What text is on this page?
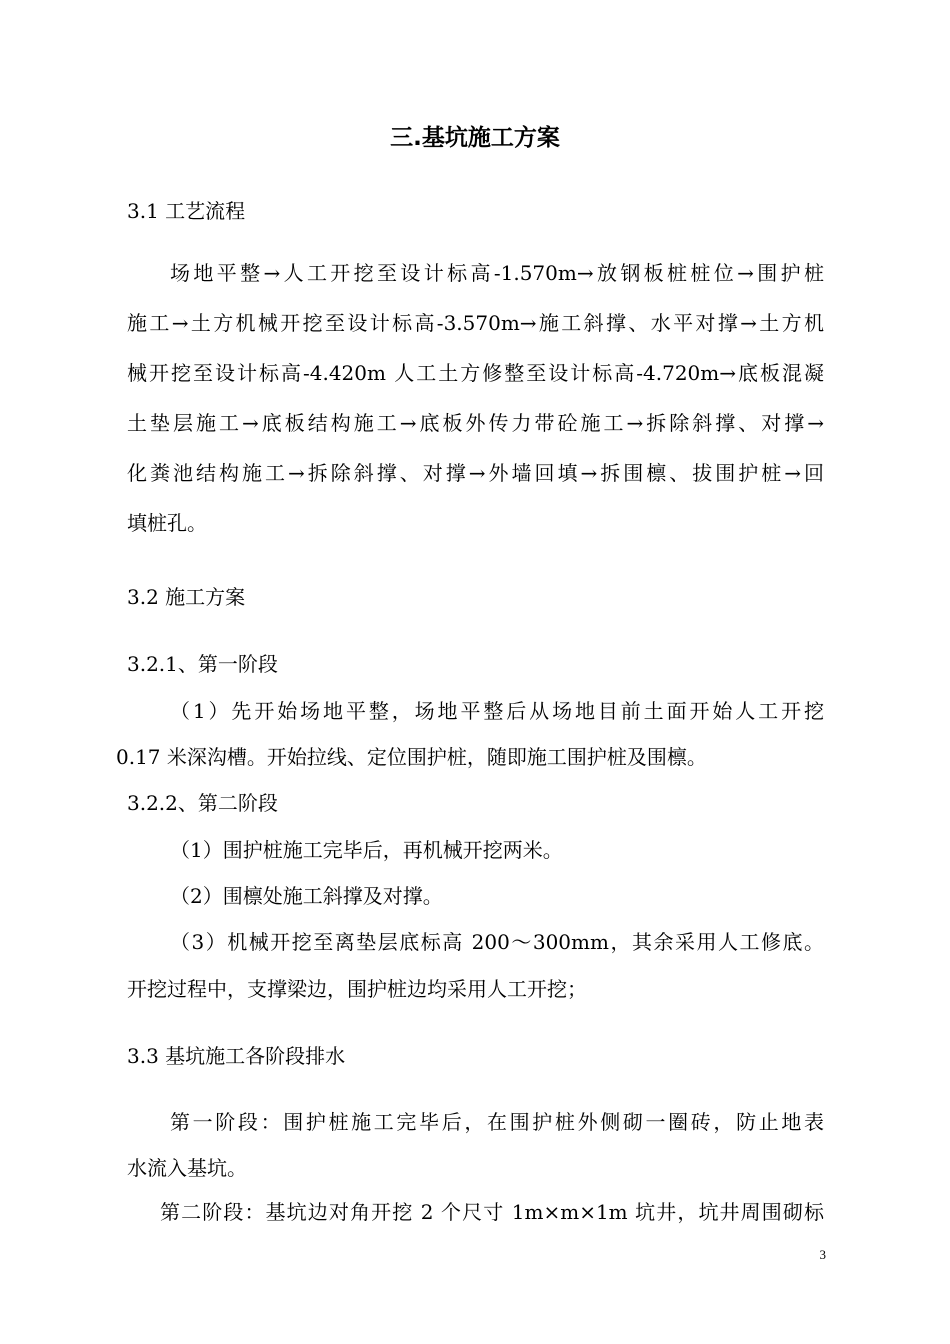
三.基坑施工方案
3.1 工艺流程
场地平整→人工开挖至设计标高-1.570m→放钢板桩桩位→围护桩
施工→土方机械开挖至设计标高-3.570m→施工斜撑、水平对撑→土方机
械开挖至设计标高-4.420m 人工土方修整至设计标高-4.720m→底板混凝
土垫层施工→底板结构施工→底板外传力带砼施工→拆除斜撑、对撑→
化粪池结构施工→拆除斜撑、对撑→外墙回填→拆围檩、拔围护桩→回
填桩孔。
3.2 施工方案
3.2.1、第一阶段
（1）先开始场地平整，场地平整后从场地目前土面开始人工开挖
0.17 米深沟槽。开始拉线、定位围护桩，随即施工围护桩及围檩。
3.2.2、第二阶段
（1）围护桩施工完毕后，再机械开挖两米。
（2）围檩处施工斜撑及对撑。
（3）机械开挖至离垫层底标高 200～300mm，其余采用人工修底。
开挖过程中，支撑梁边，围护桩边均采用人工开挖；
3.3 基坑施工各阶段排水
第一阶段：围护桩施工完毕后，在围护桩外侧砌一圈砖，防止地表
水流入基坑。
第二阶段：基坑边对角开挖 2 个尺寸 1m×m×1m 坑井，坑井周围砌标
3
